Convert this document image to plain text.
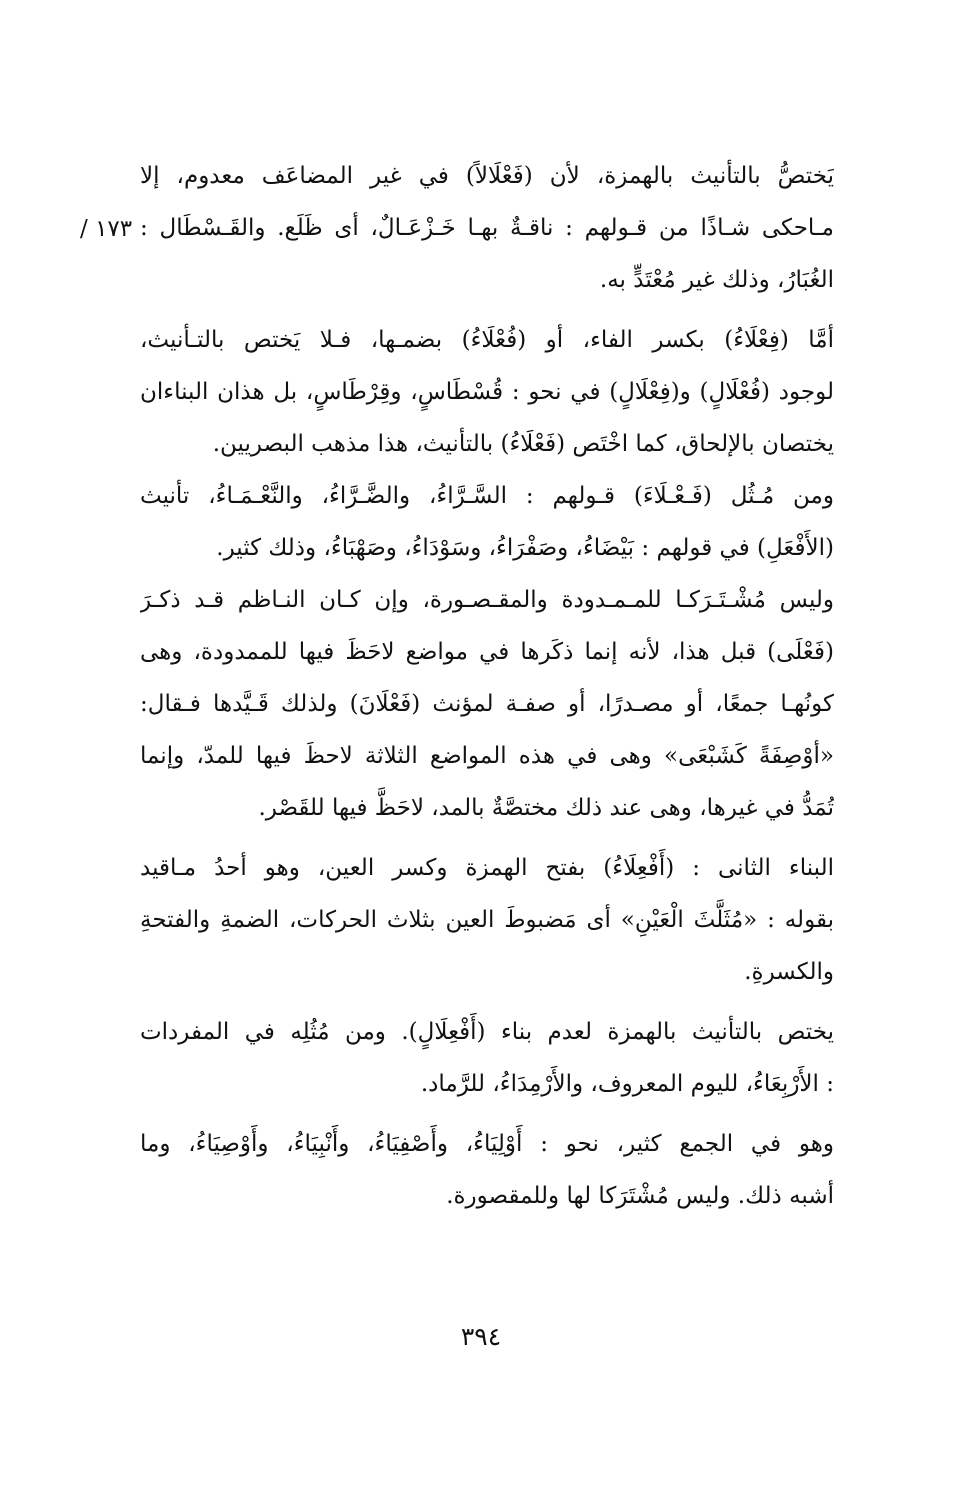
١٧٣ /
يَختصُّ بالتأنيث بالهمزة، لأن (فَعْلَالاً) في غير المضاعَف معدوم، إلا
مـاحكى شـاذًا من قـولهم : ناقـةٌ بهـا خَـزْعَـالٌ، أى ظَلَع. والقَـسْطَال :
الغُبَارُ، وذلك غير مُعْتَدٍّ به.
أمَّا (فِعْلَاءُ) بكسر الفاء، أو (فُعْلَاءُ) بضمـها، فـلا يَختص بالتـأنيث،
لوجود (فُعْلَالٍ) و(فِعْلَالٍ) في نحو : قُسْطَاسٍ، وقِرْطَاسٍ، بل هذان البناءان
يختصان بالإلحاق، كما اخْتَص (فَعْلَاءُ) بالتأنيث، هذا مذهب البصريين.
ومن مُـثُل (فَـعْـلَاءَ) قـولهم : السَّـرَّاءُ، والضَّـرَّاءُ، والنَّعْـمَـاءُ، تأنيث
(الأَفْعَلِ) في قولهم : بَيْضَاءُ، وصَفْرَاءُ، وسَوْدَاءُ، وصَهْبَاءُ، وذلك كثير.
وليس مُشْـتَـرَكـا للمـمـدودة والمقـصـورة، وإن كـان النـاظم قـد ذكـرَ
(فَعْلَى) قبل هذا، لأنه إنما ذكَرها في مواضع لاحَظَ فيها للممدودة، وهى
كونُهـا جمعًا، أو مصـدرًا، أو صفـة لمؤنث (فَعْلَانَ) ولذلك قَـيَّدها فـقال:
«أوْصِفَةً كَشَبْعَى» وهى في هذه المواضع الثلاثة لاحظَ فيها للمدّ، وإنما
تُمَدُّ في غيرها، وهى عند ذلك مختصَّةٌ بالمد، لاحَظَّ فيها للقَصْر.
البناء الثانى : (أَفْعِلَاءُ) بفتح الهمزة وكسر العين، وهو أحدُ مـاقيد
بقوله : «مُثَلَّثَ الْعَيْنِ» أى مَضبوطَ العين بثلاث الحركات، الضمةِ والفتحةِ
والكسرةِ.
يختص بالتأنيث بالهمزة لعدم بناء (أَفْعِلَالٍ). ومن مُثُلِه في المفردات
: الأَرْبِعَاءُ، لليوم المعروف، والأَرْمِدَاءُ، للرَّماد.
وهو في الجمع كثير، نحو : أَوْلِيَاءُ، وأَصْفِيَاءُ، وأَنْبِيَاءُ، وأَوْصِيَاءُ، وما
أشبه ذلك. وليس مُشْتَرَكا لها وللمقصورة.
٣٩٤
